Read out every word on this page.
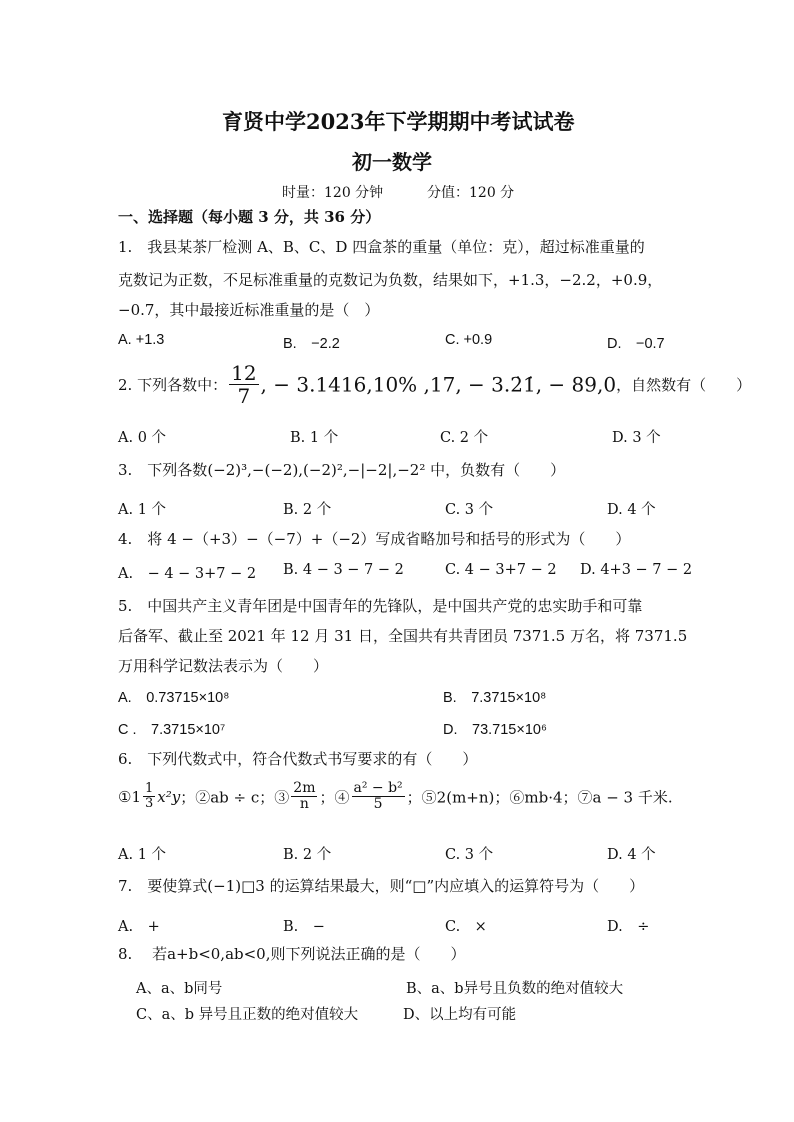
育贤中学2023年下学期期中考试试卷
初一数学
时量：120 分钟	分值：120 分
一、选择题（每小题 3 分，共 36 分）
1.　我县某茶厂检测 A、B、C、D 四盒茶的重量（单位：克），超过标准重量的
克数记为正数，不足标准重量的克数记为负数，结果如下，+1.3，−2.2，+0.9，
−0.7，其中最接近标准重量的是（　）
A. +1.3	B.　−2.2	C. +0.9	D.　−0.7
2. 下列各数中： $\frac{12}{7}$ , − 3.1416,10% ,17, − 3.2̇1̇, − 89,0，自然数有（　　）
A. 0 个	B. 1 个	C. 2 个	D. 3 个
3.　下列各数(−2)³,−(−2),(−2)²,−|−2|,−2² 中，负数有（　　）
A. 1 个	B. 2 个	C. 3 个	D. 4 个
4.　将 4 −（+3）−（−7）+（−2）写成省略加号和括号的形式为（　　）
A.　− 4 − 3+7 − 2 B. 4 − 3 − 7 − 2	C. 4 − 3+7 − 2 D. 4+3 − 7 − 2
5.　中国共产主义青年团是中国青年的先锋队，是中国共产党的忠实助手和可靠
后备军、截止至 2021 年 12 月 31 日，全国共有共青团员 7371.5 万名，将 7371.5
万用科学记数法表示为（　　）
A.　0.73715×10⁸	B.　7.3715×10⁸
C .　7.3715×10⁷	D.　73.715×10⁶
6.　下列代数式中，符合代数式书写要求的有（　　）
①1 $\frac{1}{3} x^2y$；②ab ÷ c；③ $\frac{2m}{n}$ ；④ $\frac{\text{a² − b²}}{5}$ ；⑤2(m+n)；⑥mb·4；⑦a − 3 千米.
A. 1 个	B. 2 个	C. 3 个	D. 4 个
7.　要使算式(−1)□3 的运算结果最大，则“□”内应填入的运算符号为（　　）
A.　+	B.　−	C.　×	D.　÷
8.　 若a+b<0,ab<0,则下列说法正确的是（　　）
A、a、b同号	B、a、b异号且负数的绝对值较大
C、a、b 异号且正数的绝对值较大	D、以上均有可能
